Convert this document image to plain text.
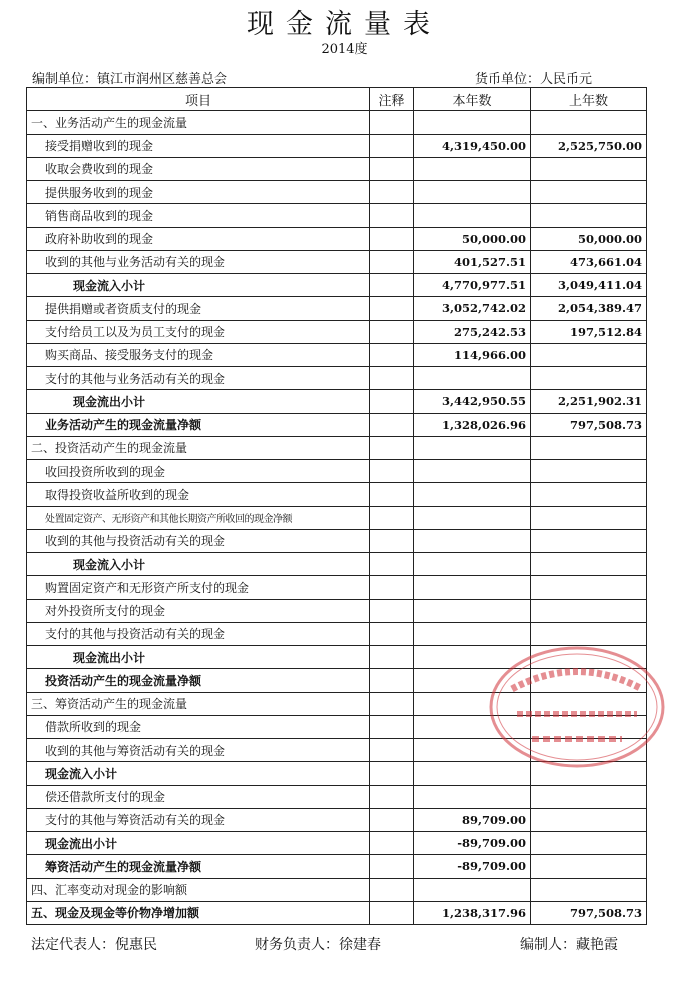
现金流量表
2014度
编制单位：镇江市润州区慈善总会	货币单位：人民币元
项目	注释	本年数	上年数
一、业务活动产生的现金流量			
接受捐赠收到的现金		4,319,450.00	2,525,750.00
收取会费收到的现金			
提供服务收到的现金			
销售商品收到的现金			
政府补助收到的现金		50,000.00	50,000.00
收到的其他与业务活动有关的现金		401,527.51	473,661.04
现金流入小计		4,770,977.51	3,049,411.04
提供捐赠或者资质支付的现金		3,052,742.02	2,054,389.47
支付给员工以及为员工支付的现金		275,242.53	197,512.84
购买商品、接受服务支付的现金		114,966.00	
支付的其他与业务活动有关的现金			
现金流出小计		3,442,950.55	2,251,902.31
业务活动产生的现金流量净额		1,328,026.96	797,508.73
二、投资活动产生的现金流量			
收回投资所收到的现金			
取得投资收益所收到的现金			
处置固定资产、无形资产和其他长期资产所收回的现金净额			
收到的其他与投资活动有关的现金			
现金流入小计			
购置固定资产和无形资产所支付的现金			
对外投资所支付的现金			
支付的其他与投资活动有关的现金			
现金流出小计			
投资活动产生的现金流量净额			
三、筹资活动产生的现金流量			
借款所收到的现金			
收到的其他与筹资活动有关的现金			
现金流入小计			
偿还借款所支付的现金			
支付的其他与筹资活动有关的现金		89,709.00	
现金流出小计		-89,709.00	
筹资活动产生的现金流量净额		-89,709.00	
四、汇率变动对现金的影响额			
五、现金及现金等价物净增加额		1,238,317.96	797,508.73
法定代表人：倪惠民	财务负责人：徐建春	编制人：藏艳霞
